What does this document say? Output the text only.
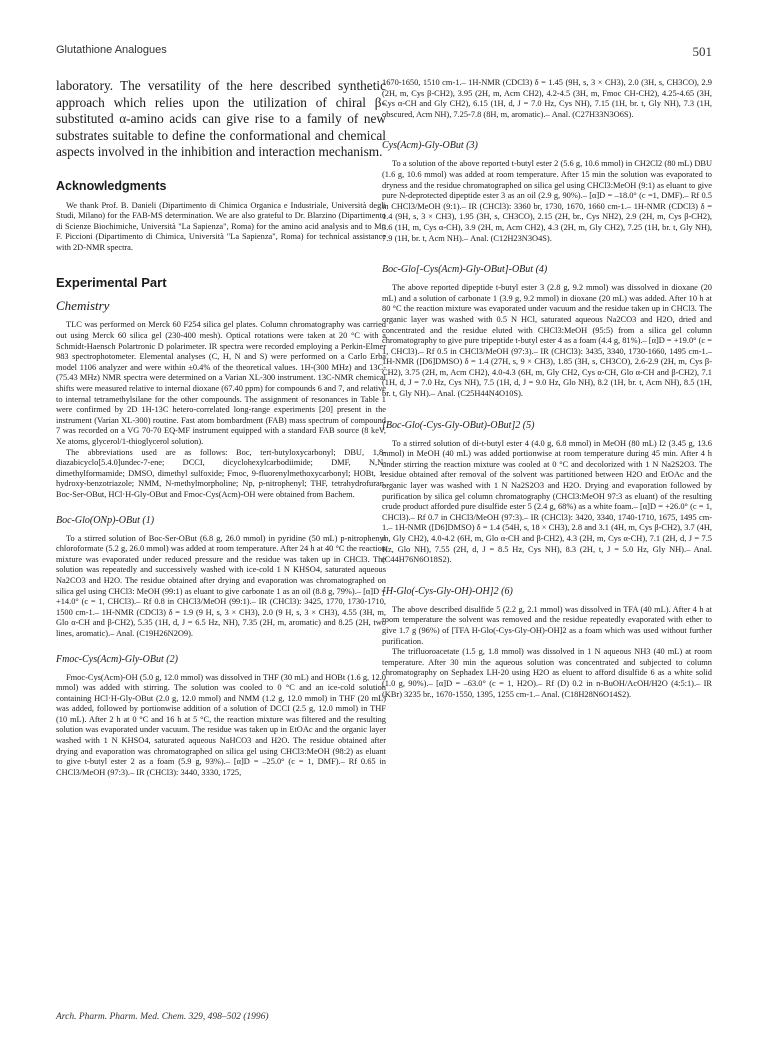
Glutathione Analogues	501
laboratory. The versatility of the here described synthetic approach which relies upon the utilization of chiral β-substituted α-amino acids can give rise to a family of new substrates suitable to define the conformational and chemical aspects involved in the inhibition and interaction mechanism.
Acknowledgments

We thank Prof. B. Danieli (Dipartimento di Chimica Organica e Industriale, Università degli Studi, Milano) for the FAB-MS determination. We are also grateful to Dr. Blarzino (Dipartimento di Scienze Biochimiche, Università "La Sapienza", Roma) for the amino acid analysis and to Mr. F. Piccioni (Dipartimento di Chimica, Università "La Sapienza", Roma) for technical assistance with 2D-NMR spectra.

Experimental Part
Chemistry

TLC was performed on Merck 60 F254 silica gel plates. Column chromatography was carried out using Merck 60 silica gel (230-400 mesh). Optical rotations were taken at 20 °C with a Schmidt-Haensch Polartronic D polarimeter. IR spectra were recorded employing a Perkin-Elmer 983 spectrophotometer. Elemental analyses (C, H, N and S) were performed on a Carlo Erba model 1106 analyzer and were within ±0.4% of the theoretical values. 1H-(300 MHz) and 13C-(75.43 MHz) NMR spectra were determined on a Varian XL-300 instrument. 13C-NMR chemical shifts were measured relative to internal dioxane (67.40 ppm) for compounds 6 and 7, and relative to internal tetramethylsilane for the other compounds. The assignment of resonances in Table 1 were confirmed by 2D 1H-13C hetero-correlated long-range experiments [20] present in the instrument (Varian XL-300) routine. Fast atom bombardment (FAB) mass spectrum of compound 7 was recorded on a VG 70-70 EQ-MF instrument equipped with a standard FAB source (8 keV, Xe atoms, glycerol/1-thioglycerol solution).

The abbreviations used are as follows: Boc, tert-butyloxycarbonyl; DBU, 1,8-diazabicyclo[5.4.0]undec-7-ene; DCCI, dicyclohexylcarbodiimide; DMF, N,N-dimethylformamide; DMSO, dimethyl sulfoxide; Fmoc, 9-fluorenylmethoxycarbonyl; HOBt, 1-hydroxy-benzotriazole; NMM, N-methylmorpholine; Np, p-nitrophenyl; THF, tetrahydrofuran. Boc-Ser-OBut, HCl·H-Gly-OBut and Fmoc-Cys(Acm)-OH were obtained from Bachem.

Boc-Glo(ONp)-OBut (1)

To a stirred solution of Boc-Ser-OBut (6.8 g, 26.0 mmol) in pyridine (50 mL) p-nitrophenyl chloroformate (5.2 g, 26.0 mmol) was added at room temperature. After 24 h at 40 °C the reaction mixture was evaporated under reduced pressure and the residue was taken up in CHCl3. The solution was repeatedly and successively washed with ice-cold 1 N KHSO4, saturated aqueous Na2CO3 and H2O. The residue obtained after drying and evaporation was chromatographed on silica gel using CHCl3: MeOH (99:1) as eluant to give carbonate 1 as an oil (8.8 g, 79%).– [α]D = +14.0° (c = 1, CHCl3).– Rf 0.8 in CHCl3/MeOH (99:1).– IR (CHCl3): 3425, 1770, 1730-1710, 1500 cm-1.– 1H-NMR (CDCl3) δ = 1.9 (9 H, s, 3 × CH3), 2.0 (9 H, s, 3 × CH3), 4.55 (3H, m, Glo α-CH and β-CH2), 5.35 (1H, d, J = 6.5 Hz, NH), 7.35 (2H, m, aromatic) and 8.25 (2H, two lines, aromatic).– Anal. (C19H26N2O9).

Fmoc-Cys(Acm)-Gly-OBut (2)

Fmoc-Cys(Acm)-OH (5.0 g, 12.0 mmol) was dissolved in THF (30 mL) and HOBt (1.6 g, 12.0 mmol) was added with stirring. The solution was cooled to 0 °C and an ice-cold solution containing HCl·H-Gly-OBut (2.0 g, 12.0 mmol) and NMM (1.2 g, 12.0 mmol) in THF (20 mL) was added, followed by portionwise addition of a solution of DCCI (2.5 g, 12.0 mmol) in THF (10 mL). After 2 h at 0 °C and 16 h at 5 °C, the reaction mixture was filtered and the resulting solution was evaporated under vacuum. The residue was taken up in EtOAc and the organic layer washed with 1 N KHSO4, saturated aqueous NaHCO3 and H2O. The residue obtained after drying and evaporation was chromatographed on silica gel using CHCl3:MeOH (98:2) as eluant to give t-butyl ester 2 as a foam (5.9 g, 93%).– [α]D = –25.0° (c = 1, DMF).– Rf 0.65 in CHCl3/MeOH (97:3).– IR (CHCl3): 3440, 3330, 1725,

1670-1650, 1510 cm-1.– 1H-NMR (CDCl3) δ = 1.45 (9H, s, 3 × CH3), 2.0 (3H, s, CH3CO), 2.9 (2H, m, Cys β-CH2), 3.95 (2H, m, Acm CH2), 4.2-4.5 (3H, m, Fmoc CH-CH2), 4.25-4.65 (3H, Cys α-CH and Gly CH2), 6.15 (1H, d, J = 7.0 Hz, Cys NH), 7.15 (1H, br. t, Gly NH), 7.3 (1H, obscured, Acm NH), 7.25-7.8 (8H, m, aromatic).– Anal. (C27H33N3O6S).

Cys(Acm)-Gly-OBut (3)

To a solution of the above reported t-butyl ester 2 (5.6 g, 10.6 mmol) in CH2Cl2 (80 mL) DBU (1.6 g, 10.6 mmol) was added at room temperature. After 15 min the solution was evaporated to dryness and the residue chromatographed on silica gel using CHCl3:MeOH (9:1) as eluant to give pure N-deprotected dipeptide ester 3 as an oil (2.9 g, 90%).– [α]D = –18.0° (c =1, DMF).– Rf 0.5 in CHCl3/MeOH (9:1).– IR (CHCl3): 3360 br, 1730, 1670, 1660 cm-1.– 1H-NMR (CDCl3) δ = 1.4 (9H, s, 3 × CH3), 1.95 (3H, s, CH3CO), 2.15 (2H, br., Cys NH2), 2.9 (2H, m, Cys β-CH2), 3.6 (1H, m, Cys α-CH), 3.9 (2H, m, Acm CH2), 4.3 (2H, m, Gly CH2), 7.25 (1H, br. t, Gly NH), 7.9 (1H, br. t, Acm NH).– Anal. (C12H23N3O4S).

Boc-Glo[-Cys(Acm)-Gly-OBut]-OBut (4)

The above reported dipeptide t-butyl ester 3 (2.8 g, 9.2 mmol) was dissolved in dioxane (20 mL) and a solution of carbonate 1 (3.9 g, 9.2 mmol) in dioxane (20 mL) was added. After 10 h at 80 °C the reaction mixture was evaporated under vacuum and the residue taken up in CHCl3. The organic layer was washed with 0.5 N HCl, saturated aqueous Na2CO3 and H2O, dried and concentrated and the residue eluted with CHCl3:MeOH (95:5) from a silica gel column chromatography to give pure tripeptide t-butyl ester 4 as a foam (4.4 g, 81%).– [α]D = +19.0° (c = 1, CHCl3).– Rf 0.5 in CHCl3/MeOH (97:3).– IR (CHCl3): 3435, 3340, 1730-1660, 1495 cm-1.– 1H-NMR ([D6]DMSO) δ = 1.4 (27H, s, 9 × CH3), 1.85 (3H, s, CH3CO), 2.6-2.9 (2H, m, Cys β-CH2), 3.75 (2H, m, Acm CH2), 4.0-4.3 (6H, m, Gly CH2, Cys α-CH, Glo α-CH and β-CH2), 7.1 (1H, d, J = 7.0 Hz, Cys NH), 7.5 (1H, d, J = 9.0 Hz, Glo NH), 8.2 (1H, br. t, Acm NH), 8.5 (1H, br. t, Gly NH).– Anal. (C25H44N4O10S).

[Boc-Glo(-Cys-Gly-OBut)-OBut]2 (5)

To a stirred solution of di-t-butyl ester 4 (4.0 g, 6.8 mmol) in MeOH (80 mL) I2 (3.45 g, 13.6 mmol) in MeOH (40 mL) was added portionwise at room temperature during 45 min. After 4 h under stirring the reaction mixture was cooled at 0 °C and decolorized with 1 N Na2S2O3. The residue obtained after removal of the solvent was partitioned between H2O and EtOAc and the organic layer was washed with 1 N Na2S2O3 and H2O. Drying and evaporation followed by purification by silica gel column chromatography (CHCl3:MeOH 97:3 as eluant) of the resulting crude product afforded pure disulfide ester 5 (2.4 g, 68%) as a white foam.– [α]D = +26.0° (c = 1, CHCl3).– Rf 0.7 in CHCl3/MeOH (97:3).– IR (CHCl3): 3420, 3340, 1740-1710, 1675, 1495 cm-1.– 1H-NMR ([D6]DMSO) δ = 1.4 (54H, s, 18 × CH3), 2.8 and 3.1 (4H, m, Cys β-CH2), 3.7 (4H, m, Gly CH2), 4.0-4.2 (6H, m, Glo α-CH and β-CH2), 4.3 (2H, m, Cys α-CH), 7.1 (2H, d, J = 7.5 Hz, Glo NH), 7.55 (2H, d, J = 8.5 Hz, Cys NH), 8.3 (2H, t, J = 5.0 Hz, Gly NH).– Anal. (C44H76N6O18S2).

[H-Glo(-Cys-Gly-OH)-OH]2 (6)

The above described disulfide 5 (2.2 g, 2.1 mmol) was dissolved in TFA (40 mL). After 4 h at room temperature the solvent was removed and the residue repeatedly evaporated with ether to give 1.7 g (96%) of [TFA H-Glo(-Cys-Gly-OH)-OH]2 as a foam which was used without further purification.

The trifluoroacetate (1.5 g, 1.8 mmol) was dissolved in 1 N aqueous NH3 (40 mL) at room temperature. After 30 min the aqueous solution was concentrated and subjected to column chromatography on Sephadex LH-20 using H2O as eluent to afford disulfide 6 as a white solid (1.0 g, 90%).– [α]D = –63.0° (c = 1, H2O).– Rf (D) 0.2 in n-BuOH/AcOH/H2O (4:5:1).– IR (KBr) 3235 br., 1670-1550, 1395, 1255 cm-1.– Anal. (C18H28N6O14S2).

Arch. Pharm. Pharm. Med. Chem. 329, 498–502 (1996)
